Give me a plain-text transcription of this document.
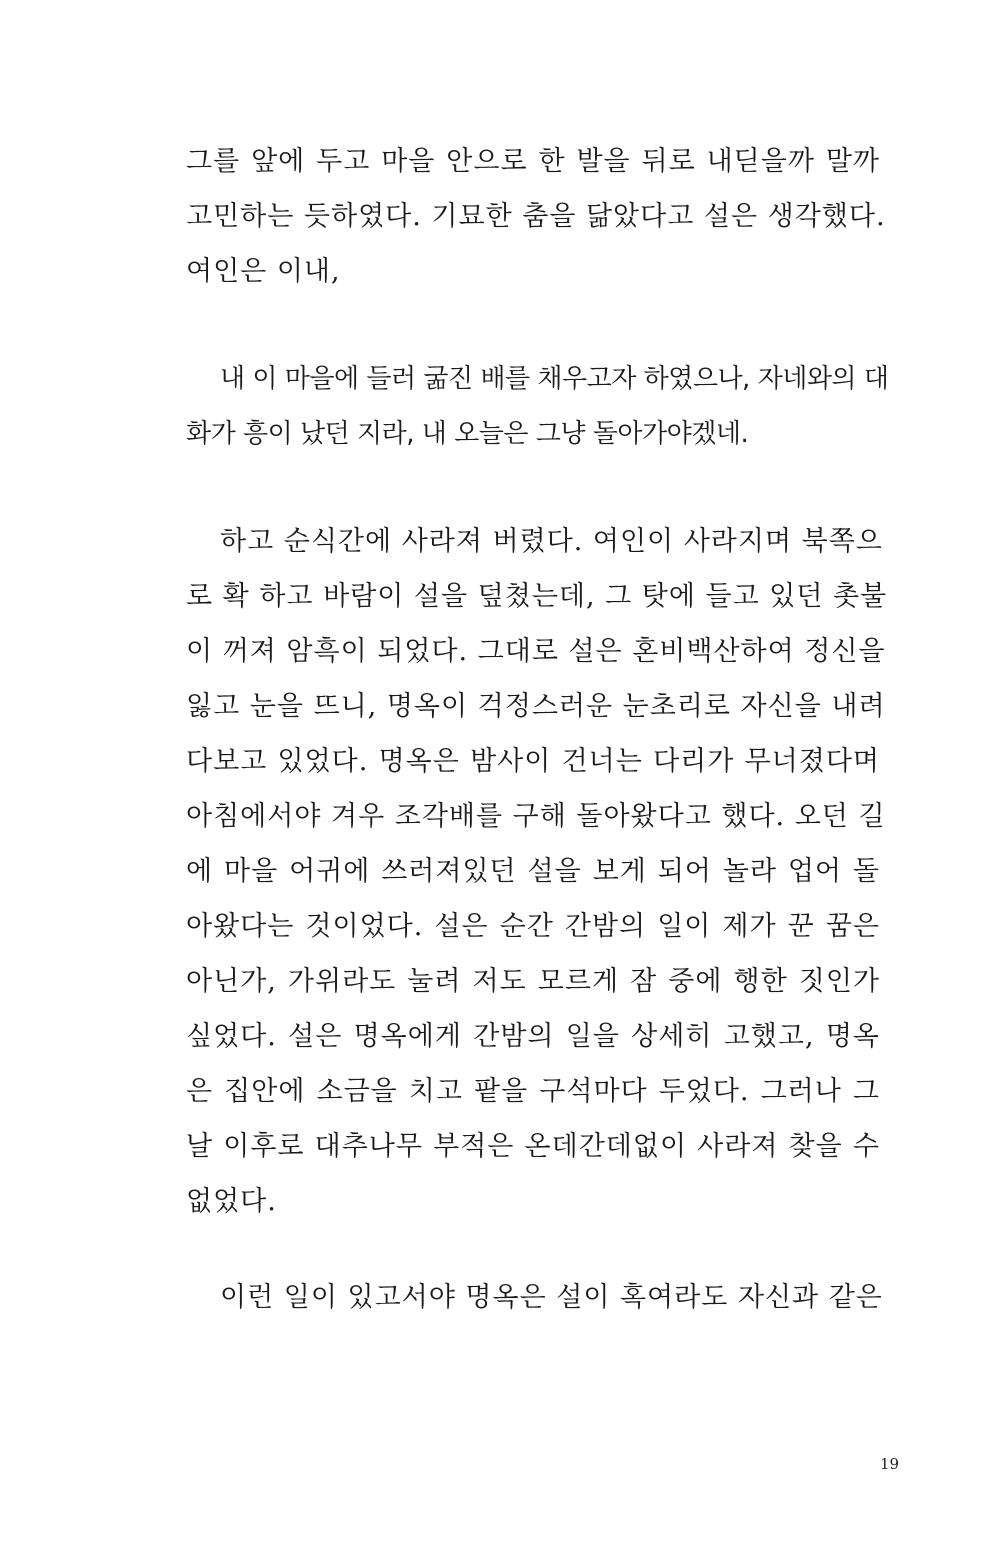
그를 앞에 두고 마을 안으로 한 발을 뒤로 내딛을까 말까
고민하는 듯하였다. 기묘한 춤을 닮았다고 설은 생각했다.
여인은 이내,
내 이 마을에 들러 굶진 배를 채우고자 하였으나, 자네와의 대
화가 흥이 났던 지라, 내 오늘은 그냥 돌아가야겠네.
하고 순식간에 사라져 버렸다. 여인이 사라지며 북쪽으
로 확 하고 바람이 설을 덮쳤는데, 그 탓에 들고 있던 촛불
이 꺼져 암흑이 되었다. 그대로 설은 혼비백산하여 정신을
잃고 눈을 뜨니, 명옥이 걱정스러운 눈초리로 자신을 내려
다보고 있었다. 명옥은 밤사이 건너는 다리가 무너졌다며
아침에서야 겨우 조각배를 구해 돌아왔다고 했다. 오던 길
에 마을 어귀에 쓰러져있던 설을 보게 되어 놀라 업어 돌
아왔다는 것이었다. 설은 순간 간밤의 일이 제가 꾼 꿈은
아닌가, 가위라도 눌려 저도 모르게 잠 중에 행한 짓인가
싶었다. 설은 명옥에게 간밤의 일을 상세히 고했고, 명옥
은 집안에 소금을 치고 팥을 구석마다 두었다. 그러나 그
날 이후로 대추나무 부적은 온데간데없이 사라져 찾을 수
없었다.
이런 일이 있고서야 명옥은 설이 혹여라도 자신과 같은
19
